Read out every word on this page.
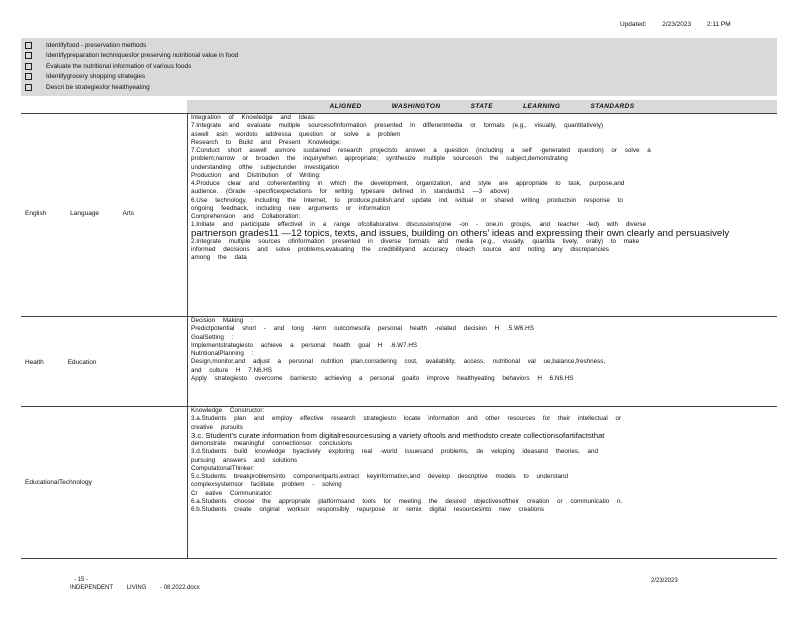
Updated: 2/23/2023 2:11 PM
Identifyfood - preservation methods
Identifypreparation techniquesfor preserving nutritional value in food
Evaluate the nutritional information of various foods
Identifygrocery shopping strategies
Descri be strategiesfor healthyeating
ALIGNED WASHINGTON STATE LEARNING STANDARDS
English Language Arts
Integration of Knowledge and Ideas:
7.Integrate and evaluate multiple sourcesofinformation presented in differentmedia or formats (e.g., visually, quantitatively)
aswell asin wordsto addressa question or solve a problem
Research to Build and Present Knowledge:
7.Conduct short aswell asmore sustained research projectsto answer a question (including a self -generated question) or solve a
problem;narrow or broaden the inquirywhen appropriate; synthesize multiple sourceson the subject,demonstrating
understanding ofthe subjectunder investigation
Production and Distribution of Writing:
4.Produce clear and coherentwriting in which the development, organization, and style are appropriate to task, purpose,and
audience. (Grade -specificexpectations for writing typesare defined in standards1 —3 above)
6.Use technology, including the Internet, to produce,publish,and update ind ividual or shared writing productsin response to
ongoing feedback, including new arguments or information
Comprehension and Collaboration:
1.Initiate and participate effectivel in a range ofcollaborative discussions(one -on - one,in groups, and teacher -led) with diverse
partnerson grades11 —12 topics, texts, and issues, building on others' ideas and expressing their own clearly and persuasively
2.Integrate multiple sources ofinformation presented in diverse formats and media (e.g., visually, quantita tively, orally) to make
informed decisions and solve problems,evaluating the credibilityand accuracy ofeach source and noting any discrepancies
among the data
Health Education
Decision Making :
Predictpotential short - and long -term outcomesofa personal health -related decision H .5.W6.HS
GoalSetting :
Implementstrategiesto achieve a personal health goal H .6.W7.HS
NutritionalPlanning :
Design,monitor,and adjust a personal nutrition plan,considering cost, availability, access, nutritional val ue,balance,freshness,
and culture H 7.N6.HS
Apply strategiesto overcome barriersto achieving a personal goalto improve healthyeating behaviors H 6.N6.HS
EducationalTechnology
Knowledge Constructor:
3.a.Students plan and employ effective research strategiesto locate information and other resources for their intellectual or
creative pursuits
3.c. Student's curate information from digitalresourcesusing a variety oftools and methodsto create collectionsofartifactsthat
demonstrate meaningful connectionsor conclusions
3.d.Students build knowledge byactively exploring real -world issuesand problems, de veloping ideasand theories, and
pursuing answers and solutions
ComputationalThinker:
5.c.Students breakproblemsinto componentparts,extract keyinformation,and develop descriptive models to understand
complexsystemsor facilitate problem - solving
Cr eative Communicator:
6.a.Students choose the appropriate platformsand tools for meeting the desired objectivesoftheir creation or communicatio n.
6.b.Students create original worksor responsibly repurpose or remix digital resourcesinto new creations
- 15 -
INDEPENDENT LIVING - 08.2022.docx
2/23/2023
